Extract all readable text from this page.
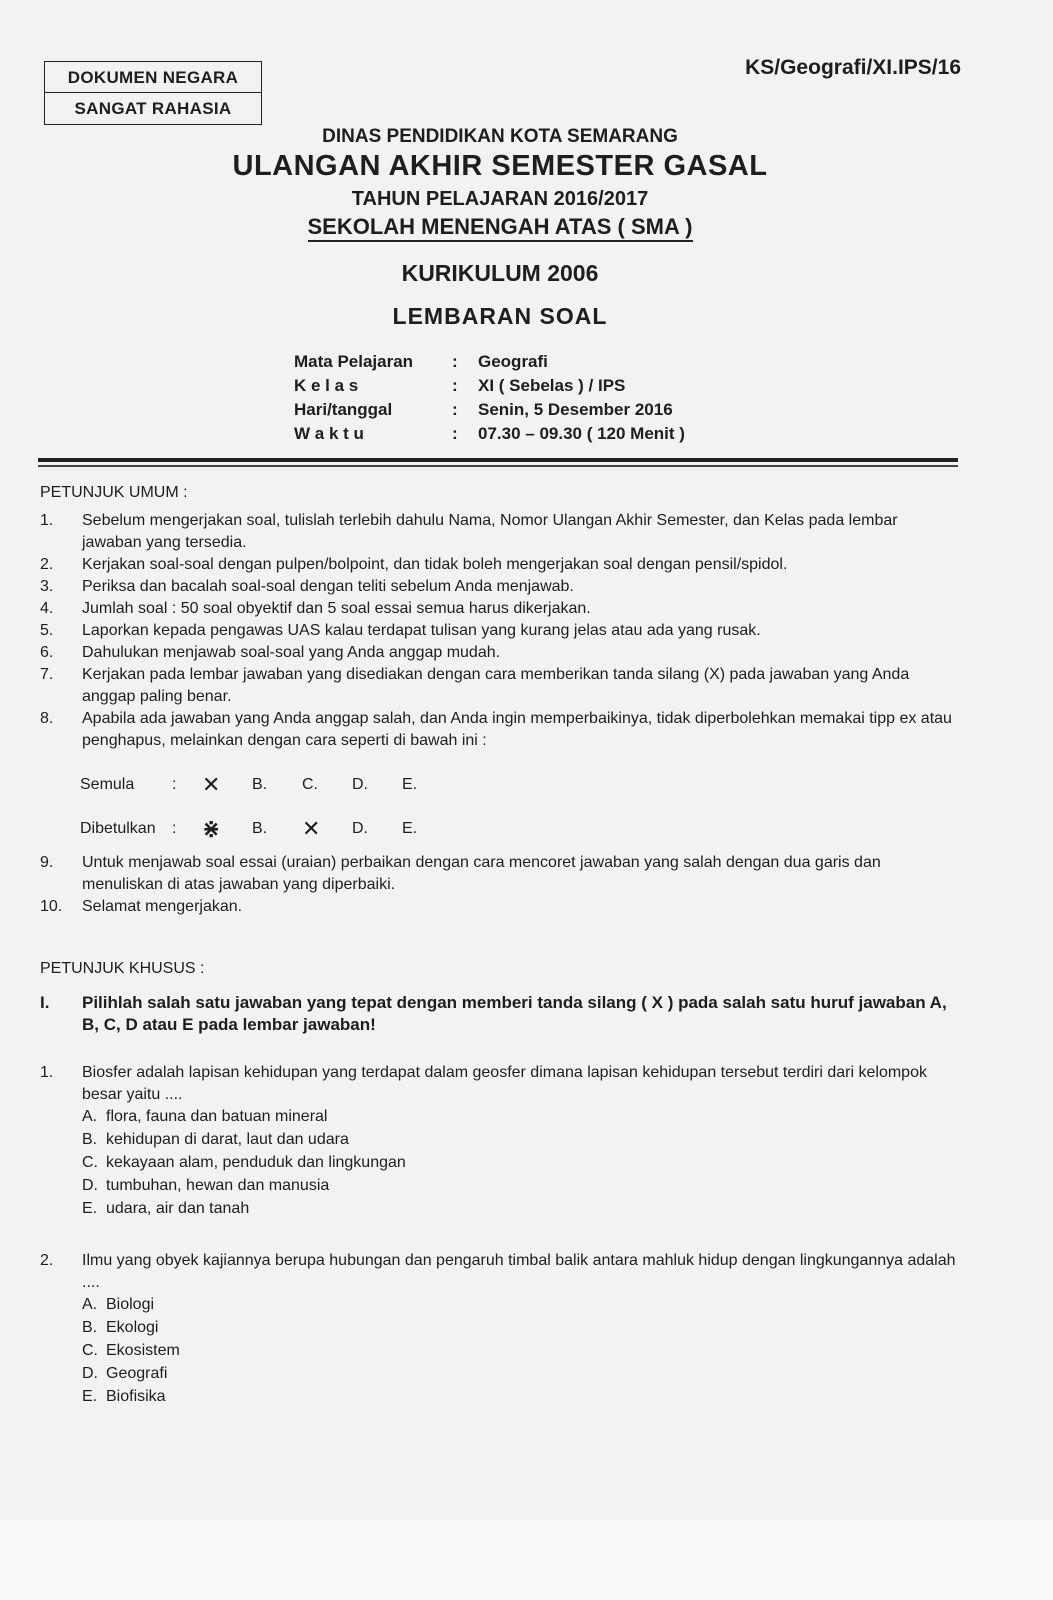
DOKUMEN NEGARA
SANGAT RAHASIA
KS/Geografi/XI.IPS/16
DINAS PENDIDIKAN KOTA SEMARANG
ULANGAN AKHIR SEMESTER GASAL
TAHUN PELAJARAN 2016/2017
SEKOLAH MENENGAH ATAS ( SMA )
KURIKULUM 2006
LEMBARAN SOAL
Mata Pelajaran	:	Geografi
K e l a s	:	XI ( Sebelas ) / IPS
Hari/tanggal	:	Senin, 5 Desember 2016
W a k t u	:	07.30 – 09.30 ( 120 Menit )
PETUNJUK UMUM :
1.	Sebelum mengerjakan soal, tulislah terlebih dahulu Nama, Nomor Ulangan Akhir Semester, dan Kelas pada lembar jawaban yang tersedia.
2.	Kerjakan soal-soal dengan pulpen/bolpoint, dan tidak boleh mengerjakan soal dengan pensil/spidol.
3.	Periksa dan bacalah soal-soal dengan teliti sebelum Anda menjawab.
4.	Jumlah soal : 50 soal obyektif dan 5 soal essai semua harus dikerjakan.
5.	Laporkan kepada pengawas UAS kalau terdapat tulisan yang kurang jelas atau ada yang rusak.
6.	Dahulukan menjawab soal-soal yang Anda anggap mudah.
7.	Kerjakan pada lembar jawaban yang disediakan dengan cara memberikan tanda silang (X) pada jawaban yang Anda anggap paling benar.
8.	Apabila ada jawaban yang Anda anggap salah, dan Anda ingin memperbaikinya, tidak diperbolehkan memakai tipp ex atau penghapus, melainkan dengan cara seperti di bawah ini :
Semula	:	✕	B.	C.	D.	E.
Dibetulkan	:	⋇	B.	✕	D.	E.
9.	Untuk menjawab soal essai (uraian) perbaikan dengan cara mencoret jawaban yang salah dengan dua garis dan menuliskan di atas jawaban yang diperbaiki.
10.	Selamat mengerjakan.
PETUNJUK KHUSUS :
I.	Pilihlah salah satu jawaban yang tepat dengan memberi tanda silang ( X ) pada salah satu huruf jawaban A, B, C, D atau E pada lembar jawaban!
1.	Biosfer adalah lapisan kehidupan yang terdapat dalam geosfer dimana lapisan kehidupan tersebut terdiri dari kelompok besar yaitu ....
A. flora, fauna dan batuan mineral
B. kehidupan di darat, laut dan udara
C. kekayaan alam, penduduk dan lingkungan
D. tumbuhan, hewan dan manusia
E. udara, air dan tanah
2.	Ilmu yang obyek kajiannya berupa hubungan dan pengaruh timbal balik antara mahluk hidup dengan lingkungannya adalah ....
A. Biologi
B. Ekologi
C. Ekosistem
D. Geografi
E. Biofisika
